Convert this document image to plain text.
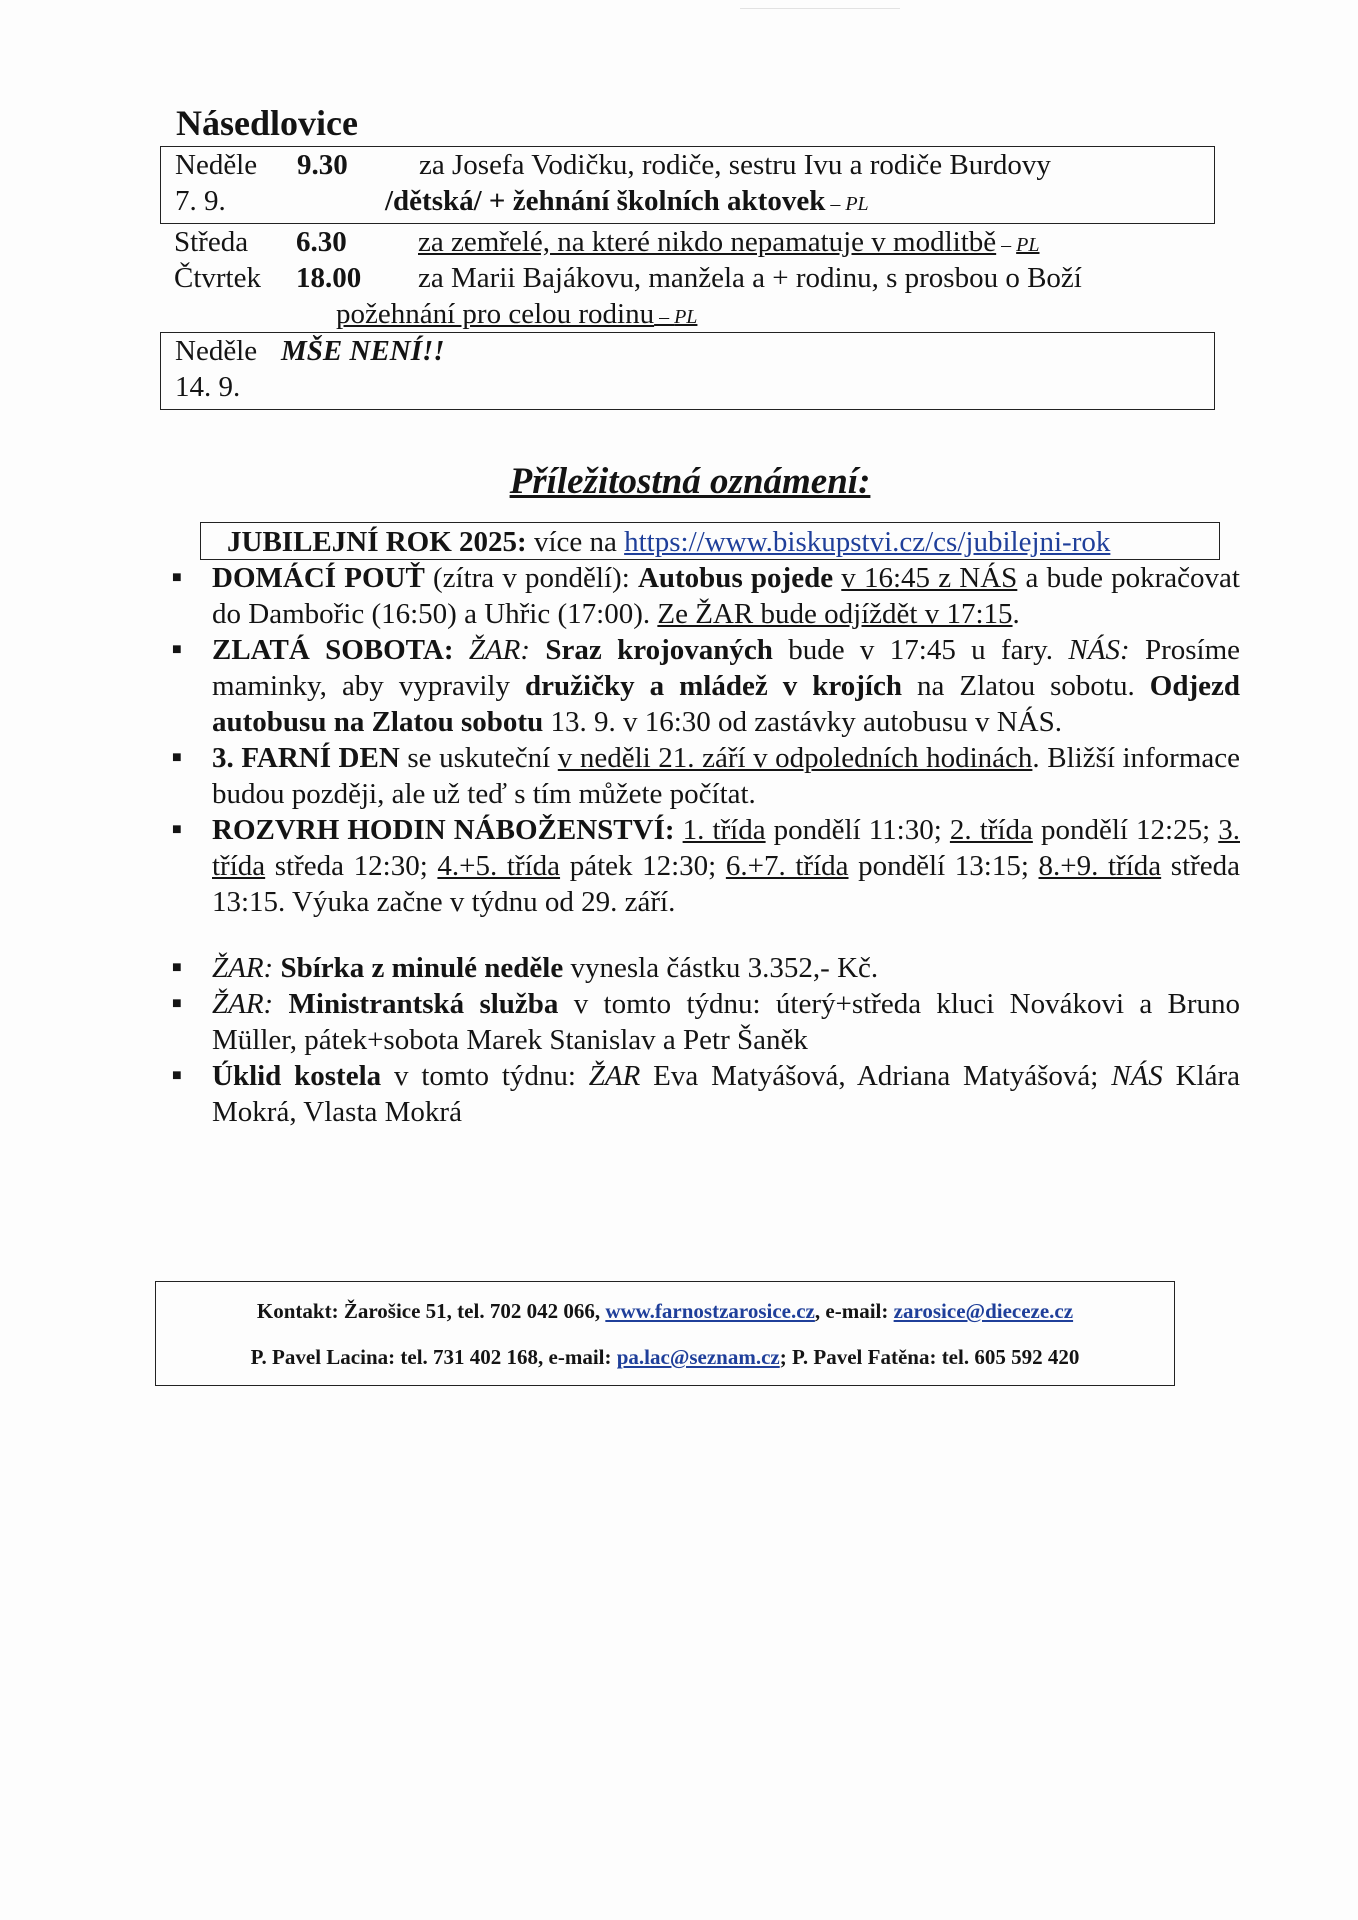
Násedlovice
Neděle 9.30 za Josefa Vodičku, rodiče, sestru Ivu a rodiče Burdovy
7. 9.	/dětská/ + žehnání školních aktovek – PL
Středa 6.30 za zemřelé, na které nikdo nepamatuje v modlitbě – PL
Čtvrtek 18.00 za Marii Bajákovu, manžela a + rodinu, s prosbou o Boží
požehnání pro celou rodinu – PL
Neděle MŠE NENÍ!!
14. 9.
Příležitostná oznámení:
JUBILEJNÍ ROK 2025: více na https://www.biskupstvi.cz/cs/jubilejni-rok
■ DOMÁCÍ POUŤ (zítra v pondělí): Autobus pojede v 16:45 z NÁS a bude pokračovat do Dambořic (16:50) a Uhřic (17:00). Ze ŽAR bude odjíždět v 17:15.
■ ZLATÁ SOBOTA: ŽAR: Sraz krojovaných bude v 17:45 u fary. NÁS: Prosíme maminky, aby vypravily družičky a mládež v krojích na Zlatou sobotu. Odjezd autobusu na Zlatou sobotu 13. 9. v 16:30 od zastávky autobusu v NÁS.
■ 3. FARNÍ DEN se uskuteční v neděli 21. září v odpoledních hodinách. Bližší informace budou později, ale už teď s tím můžete počítat.
■ ROZVRH HODIN NÁBOŽENSTVÍ: 1. třída pondělí 11:30; 2. třída pondělí 12:25; 3. třída středa 12:30; 4.+5. třída pátek 12:30; 6.+7. třída pondělí 13:15; 8.+9. třída středa 13:15. Výuka začne v týdnu od 29. září.
■ ŽAR: Sbírka z minulé neděle vynesla částku 3.352,- Kč.
■ ŽAR: Ministrantská služba v tomto týdnu: úterý+středa kluci Novákovi a Bruno Müller, pátek+sobota Marek Stanislav a Petr Šaněk
■ Úklid kostela v tomto týdnu: ŽAR Eva Matyášová, Adriana Matyášová; NÁS Klára Mokrá, Vlasta Mokrá
Kontakt: Žarošice 51, tel. 702 042 066, www.farnostzarosice.cz, e-mail: zarosice@dieceze.cz
P. Pavel Lacina: tel. 731 402 168, e-mail: pa.lac@seznam.cz; P. Pavel Fatěna: tel. 605 592 420
